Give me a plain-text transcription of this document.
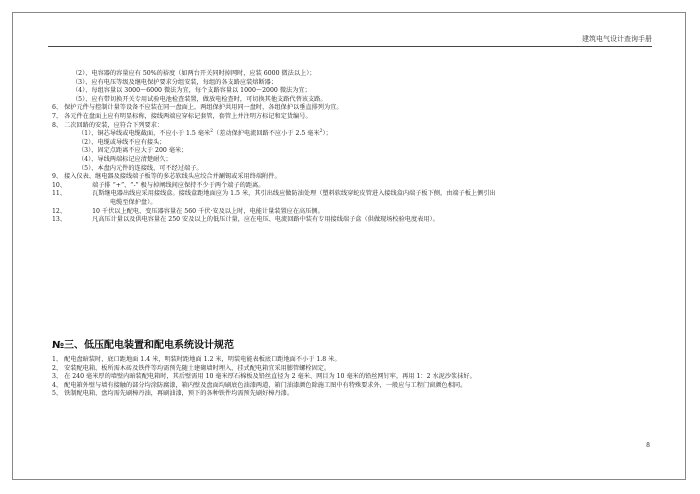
建筑电气设计查询手册
（2）、电容器的容量应有 50%的裕度（如两台开关同时掉网时，应装 6000 微法以上）；
（3）、应有电压等级及继电保护要求分组安装，每组的各支路应装熔断器；
（4）、每组容量以 3000～6000 微法为宜，每个支路容量以 1000～2000 微法为宜；
（5）、应有带切换开关专用试验电池检查装置，做放电检查时，可切换其他支路代替该支路。
6、 保护元件与控制计量等设备不应装在同一盘面上，两组保护共用同一盘时，各组保护以垂直排列为宜。
7、 各元件在盘面上应有明显标称，接线两端应穿标记套管，套管上并注明方标记和定货编号。
8、 二次回路的安装，应符合下列要求：
（1）、铜芯导线或电缆截面，不应小于 1.5 毫米$^2$（差动保护电流回路不应小于 2.5 毫米$^2$）；
（2）、电缆或导线不应有接头；
（3）、固定点距离不应大于 200 毫米；
（4）、导线两端标记应清楚耐久；
（5）、本盘内元件的连接线，可不经过端子。
9、 接入仪表、继电器及接线端子板等的多芯软线头应绞合并涮锡或采用终端附件。
10、	端子排 “+”、“-” 极与掉闸线间应保持不少于两个端子的距离。
11、	瓦斯继电器出线应采用接线盒。接线盒距地面应为 1.5 米，其引出线应做防油处理（塑料软线穿蛇皮管进入接线盒内端子板下侧，由端子板上侧引出
电缆至保护盘）。
12、	10 千伏以上配电、变压器容量在 560 千伏·安及以上时，电能计量装置应在高压侧。
13、	凡高压计量以及供电容量在 250 安及以上的低压计量，应在电压、电流回路中装有专用接线端子盒（供做现场校验电度表用）。
№三、低压配电装置和配电系统设计规范
1、 配电盘暗装时，底口距地面 1.4 米，明装时距地面 1.2 米，明装电能表板底口距地面不小于 1.8 米。
2、 安装配电箱、板所需木砖及铁件等均需预先随土建砌墙时埋入，挂式配电箱宜采用膨管螺栓固定。
3、 在 240 毫米厚的墙壁内暗装配电箱时，其后壁需用 10 毫米厚石棉板及铅丝直径为 2 毫米、网目为 10 毫米的铅丝网钉牢，再用 1：2 水泥沙浆抹好。
4、 配电箱外壁与墙有接触的部分均涂防腐漆，箱内壁及盘面均刷底色油漆两道，箱门油漆颜色除施工图中有特殊要求外，一般应与工程门窗颜色相同。
5、 铁制配电箱、盘均需先刷樟丹油，再刷油漆，预下的各种铁件均需预先刷好樟丹漆。
8
